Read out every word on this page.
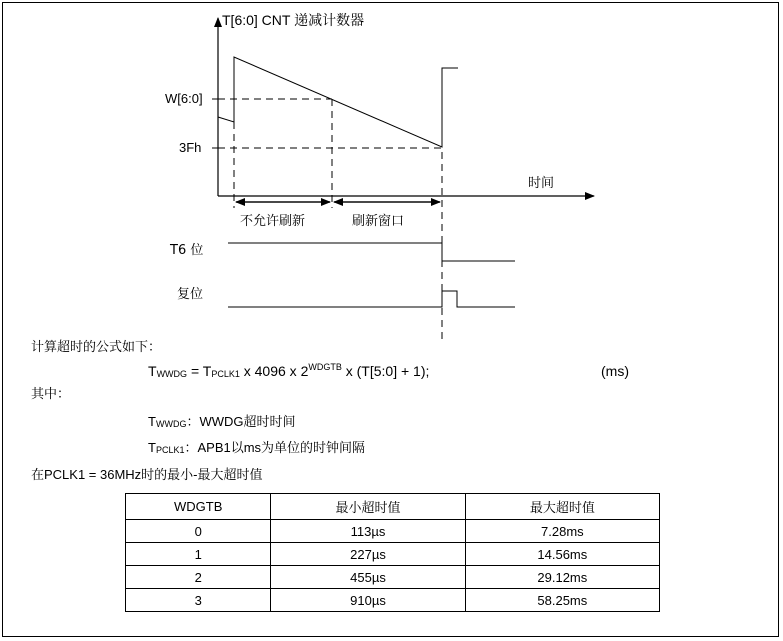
T[6:0] CNT 递减计数器
时间
W[6:0]
3Fh
不允许刷新	刷新窗口
T6 位
复位
计算超时的公式如下：
TWWDG = TPCLK1 x 4096 x $2^{WDGTB}$ x (T[5:0] + 1);	(ms)
其中：
TWWDG：WWDG超时时间
TPCLK1：APB1以ms为单位的时钟间隔
在PCLK1 = 36MHz时的最小-最大超时值
WDGTB	最小超时值	最大超时值
0	113µs	7.28ms
1	227µs	14.56ms
2	455µs	29.12ms
3	910µs	58.25ms
